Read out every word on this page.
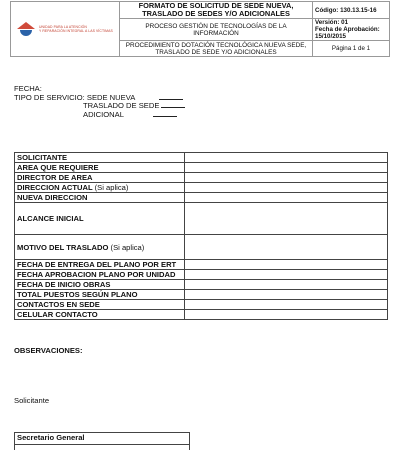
UNIDAD PARA LA ATENCIÓN
Y REPARACIÓN INTEGRAL A LAS VÍCTIMAS	FORMATO DE SOLICITUD DE SEDE NUEVA, TRASLADO DE SEDES Y/O ADICIONALES	Código: 130.13.15-16
	PROCESO GESTIÓN DE TECNOLOGÍAS DE LA INFORMACIÓN	Versión: 01
Fecha de Aprobación: 15/10/2015

	PROCEDIMIENTO DOTACIÓN TECNOLÓGICA NUEVA SEDE, TRASLADO DE SEDE Y/O ADICIONALES	Página 1 de 1
FECHA:
TIPO DE SERVICIO: SEDE NUEVA
TRASLADO DE SEDE
ADICIONAL
SOLICITANTE	
AREA QUE REQUIERE	
DIRECTOR DE AREA	
DIRECCION ACTUAL (Si aplica)	
NUEVA DIRECCION	
ALCANCE INICIAL	
MOTIVO DEL TRASLADO (Si aplica)	
FECHA DE ENTREGA DEL PLANO POR ERT	
FECHA APROBACION PLANO POR UNIDAD	
FECHA DE INICIO OBRAS	
TOTAL PUESTOS SEGÚN PLANO	
CONTACTOS EN SEDE	
CELULAR CONTACTO	
OBSERVACIONES:
Solicitante
Secretario General
